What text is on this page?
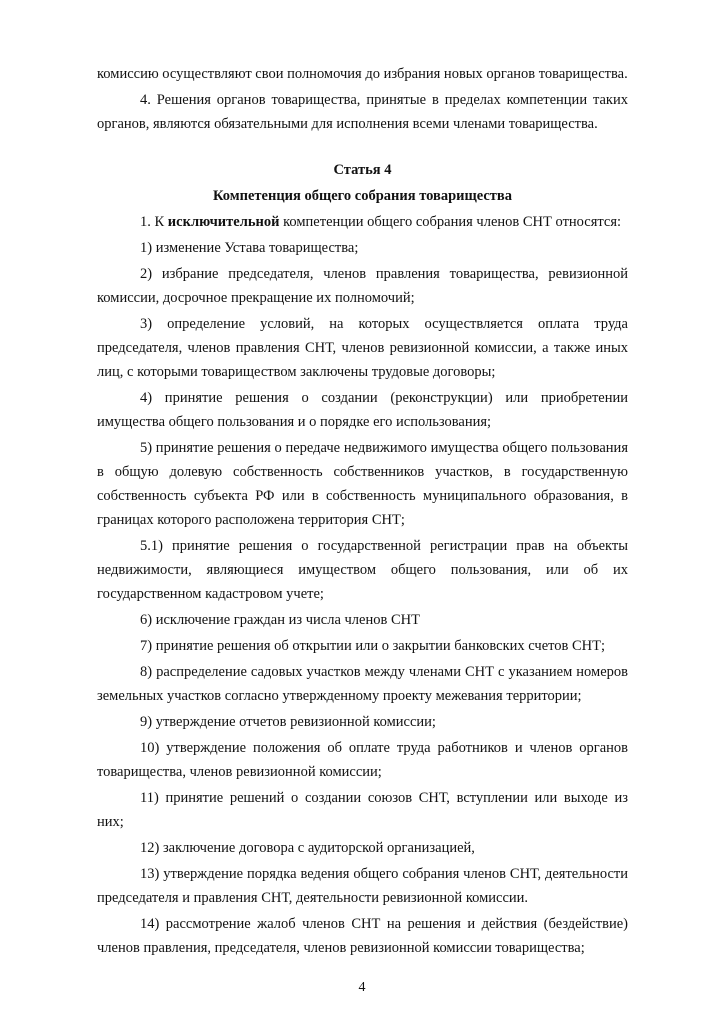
комиссию осуществляют свои полномочия до избрания новых органов товарищества.

4. Решения органов товарищества, принятые в пределах компетенции таких органов, являются обязательными для исполнения всеми членами товарищества.

Статья 4
Компетенция общего собрания товарищества

1. К исключительной компетенции общего собрания членов СНТ относятся:

1) изменение Устава товарищества;

2) избрание председателя, членов правления товарищества, ревизионной комиссии, досрочное прекращение их полномочий;

3) определение условий, на которых осуществляется оплата труда председателя, членов правления СНТ, членов ревизионной комиссии, а также иных лиц, с которыми товариществом заключены трудовые договоры;

4) принятие решения о создании (реконструкции) или приобретении имущества общего пользования и о порядке его использования;

5) принятие решения о передаче недвижимого имущества общего пользования в общую долевую собственность собственников участков, в государственную собственность субъекта РФ или в собственность муниципального образования, в границах которого расположена территория СНТ;

5.1) принятие решения о государственной регистрации прав на объекты недвижимости, являющиеся имуществом общего пользования, или об их государственном кадастровом учете;

6) исключение граждан из числа членов СНТ

7) принятие решения об открытии или о закрытии банковских счетов СНТ;

8) распределение садовых участков между членами СНТ с указанием номеров земельных участков согласно утвержденному проекту межевания территории;

9) утверждение отчетов ревизионной комиссии;

10) утверждение положения об оплате труда работников и членов органов товарищества, членов ревизионной комиссии;

11) принятие решений о создании союзов СНТ, вступлении или выходе из них;

12) заключение договора с аудиторской организацией,

13) утверждение порядка ведения общего собрания членов СНТ, деятельности председателя и правления СНТ, деятельности ревизионной комиссии.

14) рассмотрение жалоб членов СНТ на решения и действия (бездействие) членов правления, председателя, членов ревизионной комиссии товарищества;

4
